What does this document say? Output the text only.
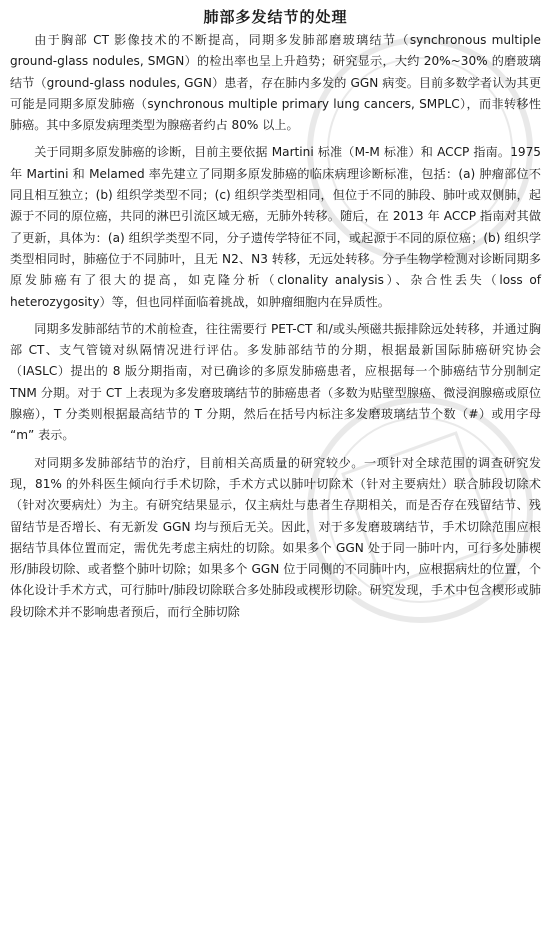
肺部多发结节的处理

由于胸部 CT 影像技术的不断提高，同期多发肺部磨玻璃结节（synchronous multiple ground-glass nodules, SMGN）的检出率也呈上升趋势；研究显示，大约 20%~30% 的磨玻璃结节（ground-glass nodules, GGN）患者，存在肺内多发的 GGN 病变。目前多数学者认为其更可能是同期多原发肺癌（synchronous multiple primary lung cancers, SMPLC），而非转移性肺癌。其中多原发病理类型为腺癌者约占 80% 以上。

关于同期多原发肺癌的诊断，目前主要依据 Martini 标准（M-M 标准）和 ACCP 指南。1975 年 Martini 和 Melamed 率先建立了同期多原发肺癌的临床病理诊断标准，包括：(a) 肿瘤部位不同且相互独立；(b) 组织学类型不同；(c) 组织学类型相同，但位于不同的肺段、肺叶或双侧肺，起源于不同的原位癌，共同的淋巴引流区域无癌，无肺外转移。随后，在 2013 年 ACCP 指南对其做了更新，具体为：(a) 组织学类型不同，分子遗传学特征不同，或起源于不同的原位癌；(b) 组织学类型相同时，肺癌位于不同肺叶，且无 N2、N3 转移，无远处转移。分子生物学检测对诊断同期多原发肺癌有了很大的提高，如克隆分析（clonality analysis）、杂合性丢失（loss of heterozygosity）等，但也同样面临着挑战，如肿瘤细胞内在异质性。

同期多发肺部结节的术前检查，往往需要行 PET-CT 和/或头颅磁共振排除远处转移，并通过胸部 CT、支气管镜对纵隔情况进行评估。多发肺部结节的分期，根据最新国际肺癌研究协会（IASLC）提出的 8 版分期指南，对已确诊的多原发肺癌患者，应根据每一个肺癌结节分别制定 TNM 分期。对于 CT 上表现为多发磨玻璃结节的肺癌患者（多数为贴壁型腺癌、微浸润腺癌或原位腺癌），T 分类则根据最高结节的 T 分期，然后在括号内标注多发磨玻璃结节个数（#）或用字母 “m” 表示。

对同期多发肺部结节的治疗，目前相关高质量的研究较少。一项针对全球范围的调查研究发现，81% 的外科医生倾向行手术切除，手术方式以肺叶切除术（针对主要病灶）联合肺段切除术（针对次要病灶）为主。有研究结果显示，仅主病灶与患者生存期相关，而是否存在残留结节、残留结节是否增长、有无新发 GGN 均与预后无关。因此，对于多发磨玻璃结节，手术切除范围应根据结节具体位置而定，需优先考虑主病灶的切除。如果多个 GGN 处于同一肺叶内，可行多处肺楔形/肺段切除、或者整个肺叶切除；如果多个 GGN 位于同侧的不同肺叶内，应根据病灶的位置，个体化设计手术方式，可行肺叶/肺段切除联合多处肺段或楔形切除。研究发现，手术中包含楔形或肺段切除术并不影响患者预后，而行全肺切除
